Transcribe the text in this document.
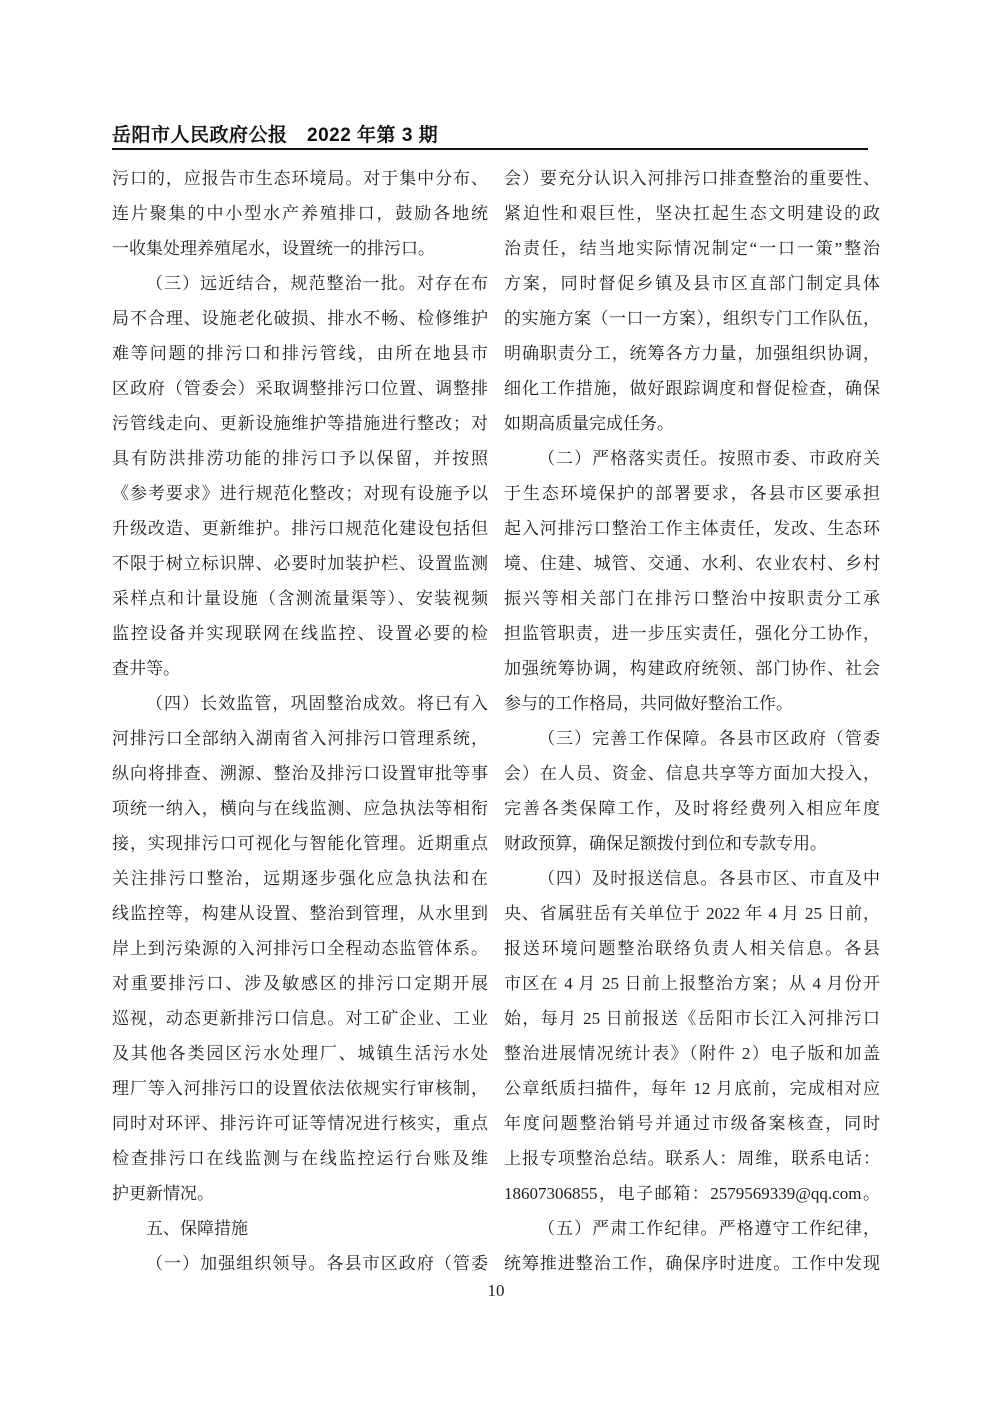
岳阳市人民政府公报　2022 年第 3 期
污口的，应报告市生态环境局。对于集中分布、
连片聚集的中小型水产养殖排口，鼓励各地统
一收集处理养殖尾水，设置统一的排污口。
（三）远近结合，规范整治一批。对存在布
局不合理、设施老化破损、排水不畅、检修维护
难等问题的排污口和排污管线，由所在地县市
区政府（管委会）采取调整排污口位置、调整排
污管线走向、更新设施维护等措施进行整改；对
具有防洪排涝功能的排污口予以保留，并按照
《参考要求》进行规范化整改；对现有设施予以
升级改造、更新维护。排污口规范化建设包括但
不限于树立标识牌、必要时加装护栏、设置监测
采样点和计量设施（含测流量渠等）、安装视频
监控设备并实现联网在线监控、设置必要的检
查井等。
（四）长效监管，巩固整治成效。将已有入
河排污口全部纳入湖南省入河排污口管理系统，
纵向将排查、溯源、整治及排污口设置审批等事
项统一纳入，横向与在线监测、应急执法等相衔
接，实现排污口可视化与智能化管理。近期重点
关注排污口整治，远期逐步强化应急执法和在
线监控等，构建从设置、整治到管理，从水里到
岸上到污染源的入河排污口全程动态监管体系。
对重要排污口、涉及敏感区的排污口定期开展
巡视，动态更新排污口信息。对工矿企业、工业
及其他各类园区污水处理厂、城镇生活污水处
理厂等入河排污口的设置依法依规实行审核制，
同时对环评、排污许可证等情况进行核实，重点
检查排污口在线监测与在线监控运行台账及维
护更新情况。
五、保障措施
（一）加强组织领导。各县市区政府（管委
会）要充分认识入河排污口排查整治的重要性、
紧迫性和艰巨性，坚决扛起生态文明建设的政
治责任，结当地实际情况制定“一口一策”整治
方案，同时督促乡镇及县市区直部门制定具体
的实施方案（一口一方案），组织专门工作队伍，
明确职责分工，统筹各方力量，加强组织协调，
细化工作措施，做好跟踪调度和督促检查，确保
如期高质量完成任务。
（二）严格落实责任。按照市委、市政府关
于生态环境保护的部署要求，各县市区要承担
起入河排污口整治工作主体责任，发改、生态环
境、住建、城管、交通、水利、农业农村、乡村
振兴等相关部门在排污口整治中按职责分工承
担监管职责，进一步压实责任，强化分工协作，
加强统筹协调，构建政府统领、部门协作、社会
参与的工作格局，共同做好整治工作。
（三）完善工作保障。各县市区政府（管委
会）在人员、资金、信息共享等方面加大投入，
完善各类保障工作，及时将经费列入相应年度
财政预算，确保足额拨付到位和专款专用。
（四）及时报送信息。各县市区、市直及中
央、省属驻岳有关单位于 2022 年 4 月 25 日前，
报送环境问题整治联络负责人相关信息。各县
市区在 4 月 25 日前上报整治方案；从 4 月份开
始，每月 25 日前报送《岳阳市长江入河排污口
整治进展情况统计表》（附件 2）电子版和加盖
公章纸质扫描件，每年 12 月底前，完成相对应
年度问题整治销号并通过市级备案核查，同时
上报专项整治总结。联系人：周维，联系电话：
18607306855，电子邮箱：2579569339@qq.com。
（五）严肃工作纪律。严格遵守工作纪律，
统筹推进整治工作，确保序时进度。工作中发现
10
